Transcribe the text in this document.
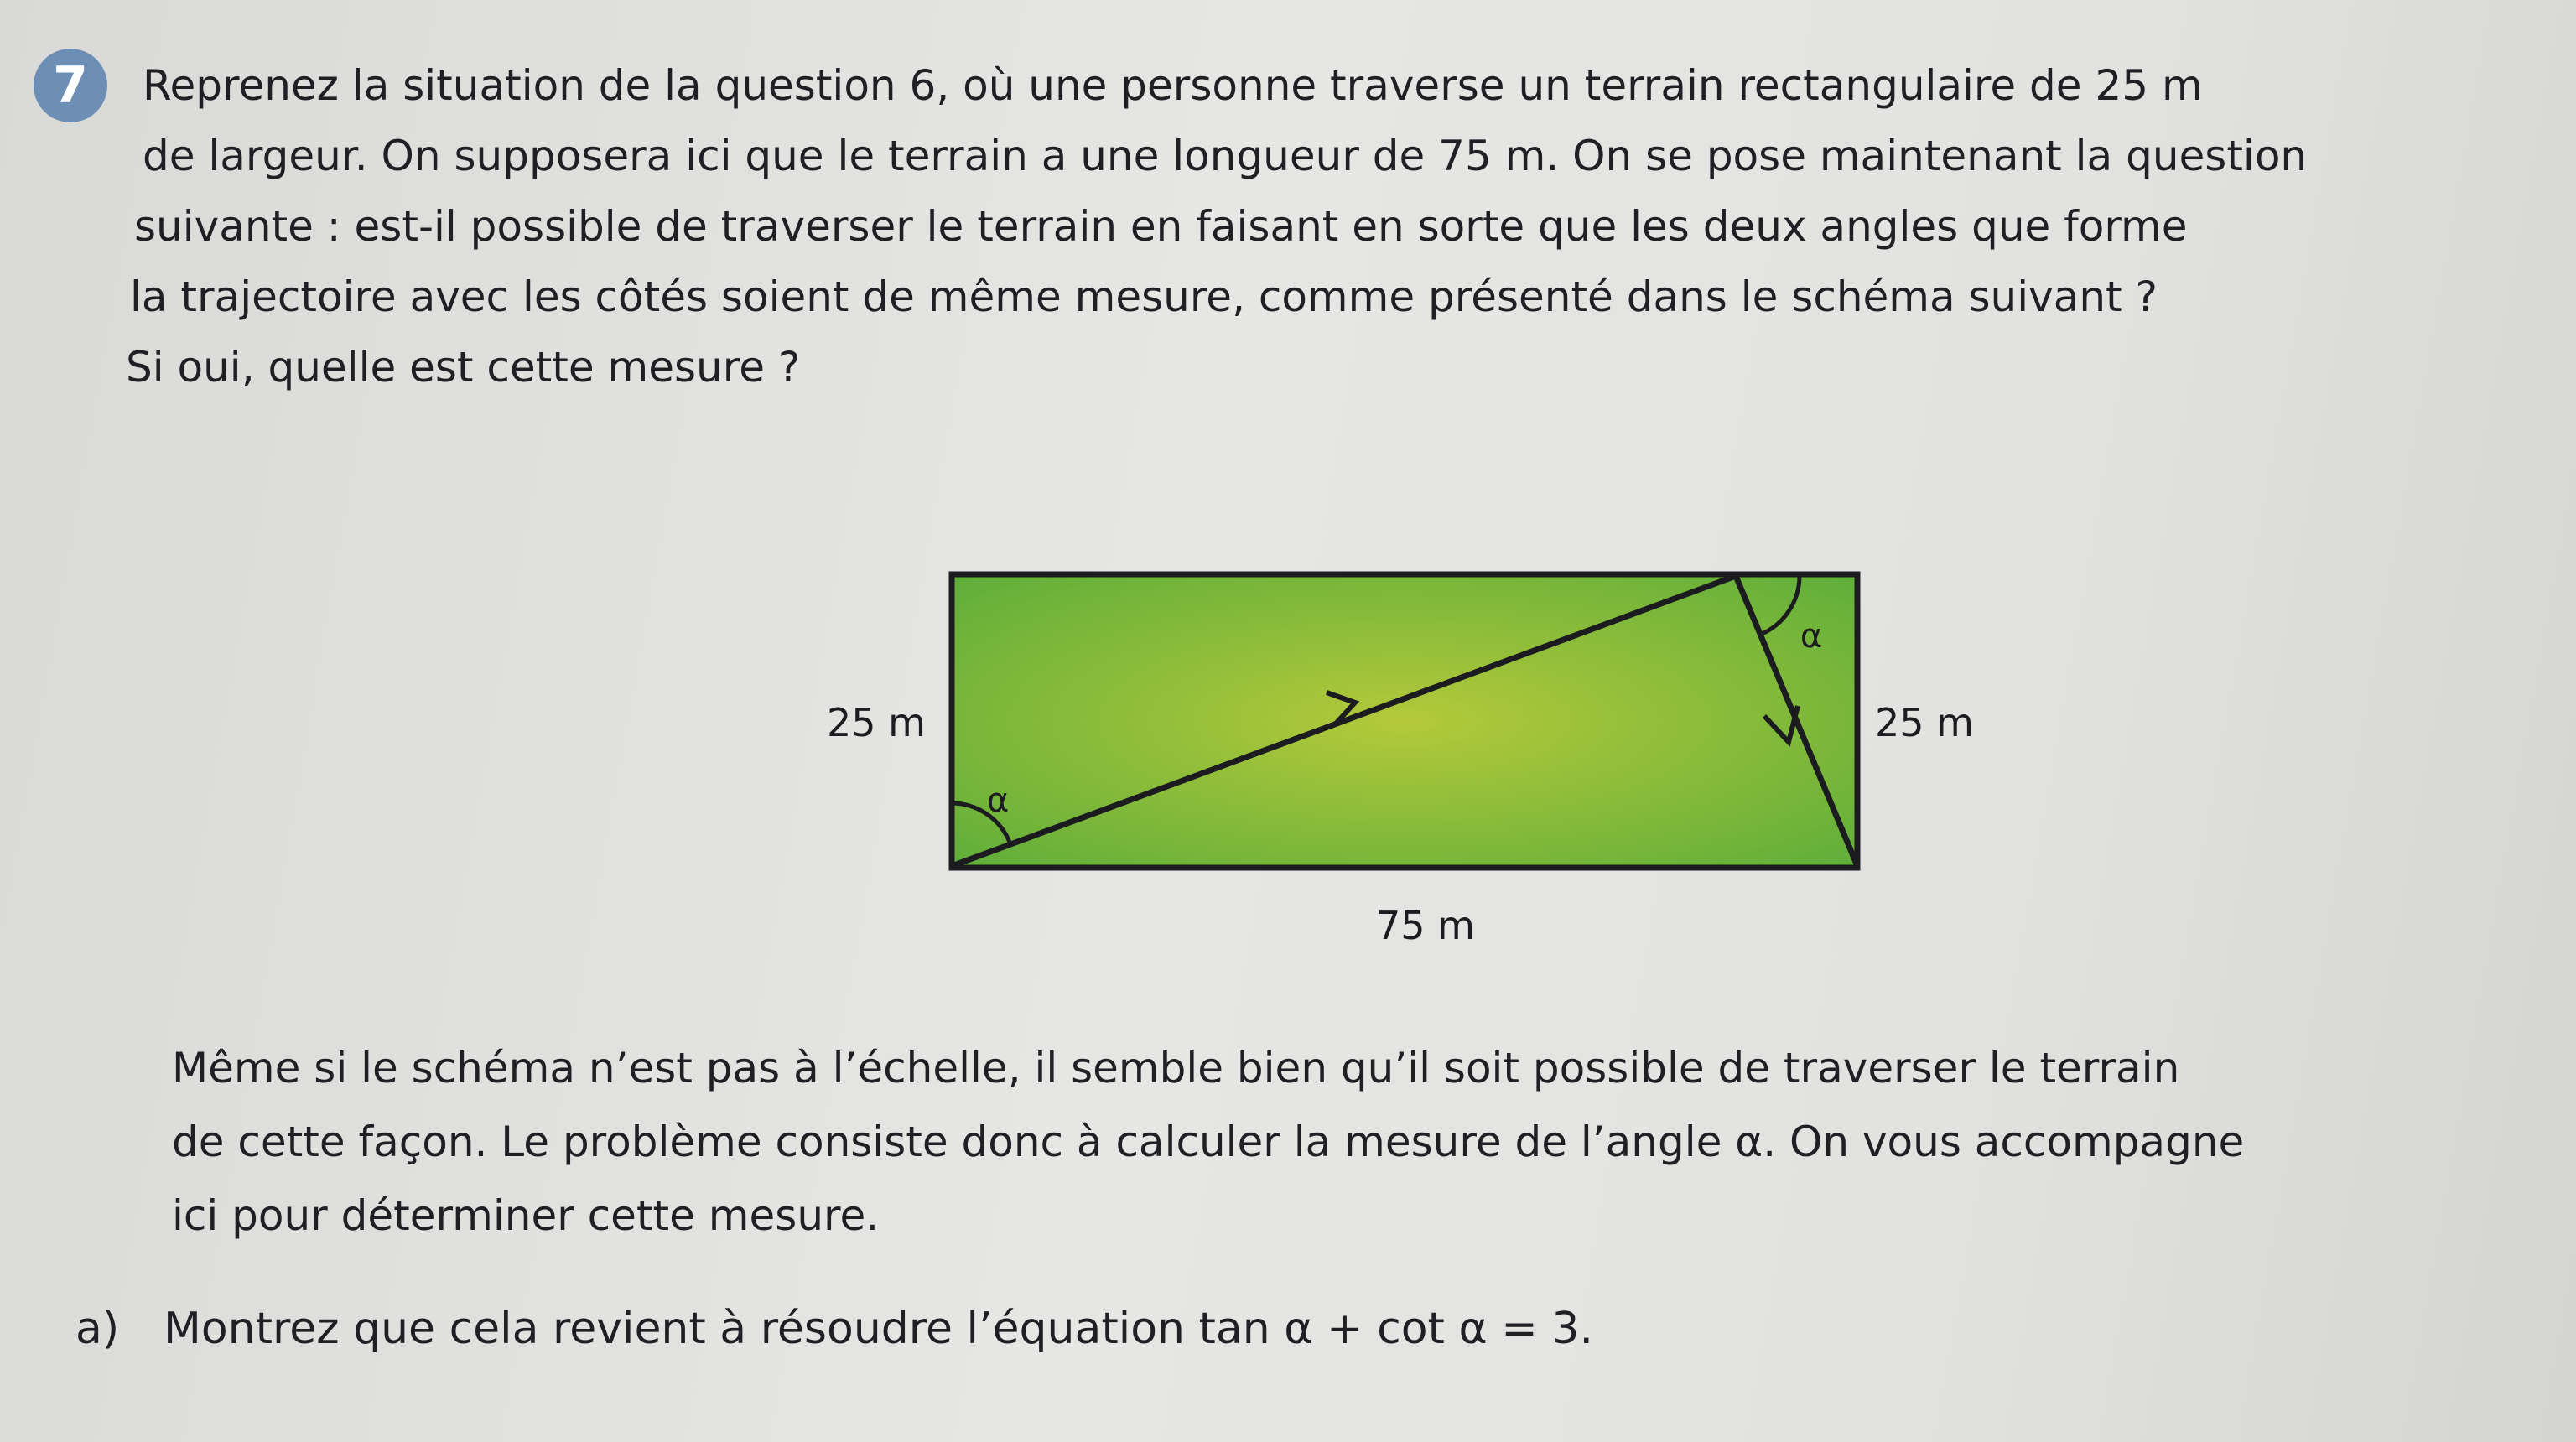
7	Reprenez la situation de la question 6, où une personne traverse un terrain rectangulaire de 25 m
de largeur. On supposera ici que le terrain a une longueur de 75 m. On se pose maintenant la question
suivante : est-il possible de traverser le terrain en faisant en sorte que les deux angles que forme
la trajectoire avec les côtés soient de même mesure, comme présenté dans le schéma suivant ?
Si oui, quelle est cette mesure ?
α
α
25 m	25 m
75 m
Même si le schéma n’est pas à l’échelle, il semble bien qu’il soit possible de traverser le terrain
de cette façon. Le problème consiste donc à calculer la mesure de l’angle α. On vous accompagne
ici pour déterminer cette mesure.
a) Montrez que cela revient à résoudre l’équation tan α + cot α = 3.
